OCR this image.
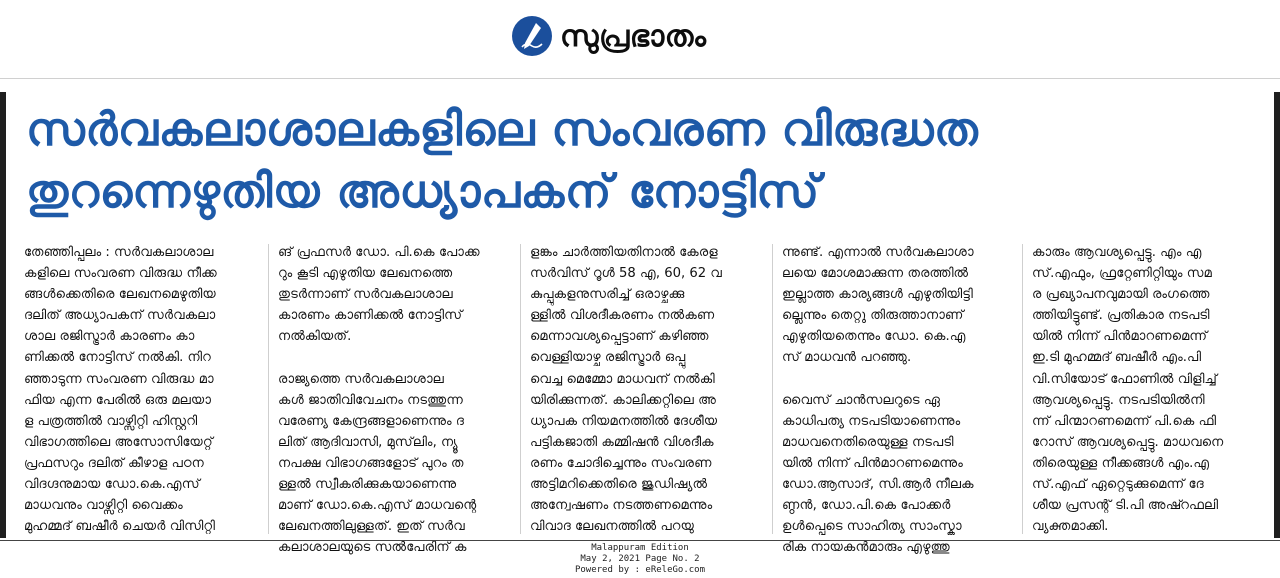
സുപ്രഭാതം
സർവകലാശാലകളിലെ സംവരണ വിരുദ്ധത
തുറന്നെഴുതിയ അധ്യാപകന് നോട്ടിസ്
തേഞ്ഞിപ്പലം : സർവകലാശാല
കളിലെ സംവരണ വിരുദ്ധ നീക്ക
ങ്ങൾക്കെതിരെ ലേഖനമെഴുതിയ
ദലിത് അധ്യാപകന് സർവകലാ
ശാല രജിസ്ട്രാർ കാരണം കാ
ണിക്കൽ നോട്ടിസ് നൽകി. നിറ
ഞ്ഞാടുന്ന സംവരണ വിരുദ്ധ മാ
ഫിയ എന്ന പേരിൽ ഒരു മലയാ
ള പത്രത്തിൽ വാഴ്സിറ്റി ഹിസ്റ്ററി
വിഭാഗത്തിലെ അസോസിയേറ്റ്
പ്രഫസറും ദലിത് കീഴാള പഠന
വിദഗ്ദനുമായ ഡോ.കെ.എസ്
മാധവനും വാഴ്സിറ്റി വൈക്കം
മുഹമ്മദ് ബഷീർ ചെയർ വിസിറ്റി
ങ് പ്രഫസർ ഡോ. പി.കെ പോക്ക
റും കൂടി എഴുതിയ ലേഖനത്തെ
തുടർന്നാണ് സർവകലാശാല
കാരണം കാണിക്കൽ നോട്ടിസ്
നൽകിയത്.

രാജ്യത്തെ സർവകലാശാല
കൾ ജാതിവിവേചനം നടത്തുന്ന
വരേണ്യ കേന്ദ്രങ്ങളാണെന്നും ദ
ലിത് ആദിവാസി, മുസ്‌ലിം, ന്യൂ
നപക്ഷ വിഭാഗങ്ങളോട് പുറം ത
ള്ളൽ സ്വീകരിക്കുകയാണെന്നു
മാണ് ഡോ.കെ.എസ് മാധവന്റെ
ലേഖനത്തിലുള്ളത്. ഇത് സർവ
കലാശാലയുടെ സൽപേരിന് ക
ളങ്കം ചാർത്തിയതിനാൽ കേരള
സർവിസ് റൂൾ 58 എ, 60, 62 വ
കുപ്പുകളനുസരിച്ച് ഒരാഴ്ചക്കു
ള്ളിൽ വിശദീകരണം നൽകണ
മെന്നാവശ്യപ്പെട്ടാണ് കഴിഞ്ഞ
വെള്ളിയാഴ്ച രജിസ്ട്രാർ ഒപ്പു
വെച്ച മെമ്മോ മാധവന് നൽകി
യിരിക്കുന്നത്. കാലിക്കറ്റിലെ അ
ധ്യാപക നിയമനത്തിൽ ദേശീയ
പട്ടികജാതി കമ്മിഷൻ വിശദീക
രണം ചോദിച്ചെന്നും സംവരണ
അട്ടിമറിക്കെതിരെ ജുഡിഷ്യൽ
അന്വേഷണം നടത്തണമെന്നും
വിവാദ ലേഖനത്തിൽ പറയു
ന്നുണ്ട്. എന്നാൽ സർവകലാശാ
ലയെ മോശമാക്കുന്ന തരത്തിൽ
ഇല്ലാത്ത കാര്യങ്ങൾ എഴുതിയിട്ടി
ല്ലെന്നും തെറ്റു തിരുത്താനാണ്
എഴുതിയതെന്നും ഡോ. കെ.എ
സ് മാധവൻ പറഞ്ഞു.

വൈസ് ചാൻസലറുടെ ഏ
കാധിപത്യ നടപടിയാണെന്നും
മാധവനെതിരെയുള്ള നടപടി
യിൽ നിന്ന് പിൻമാറണമെന്നും
ഡോ.ആസാദ്, സി.ആർ നീലക
ണ്ഠൻ, ഡോ.പി.കെ പോക്കർ
ഉൾപ്പെടെ സാഹിത്യ സാംസ്കാ
രിക നായകൻമാരും എഴുത്തു
കാരും ആവശ്യപ്പെട്ടു. എം എ
സ്.എഫും, ഫ്രറ്റേണിറ്റിയും സമ
ര പ്രഖ്യാപനവുമായി രംഗത്തെ
ത്തിയിട്ടുണ്ട്. പ്രതികാര നടപടി
യിൽ നിന്ന് പിൻമാറണമെന്ന്
ഇ.ടി മുഹമ്മദ് ബഷീർ എം.പി
വി.സിയോട് ഫോണിൽ വിളിച്ച്
ആവശ്യപ്പെട്ടു. നടപടിയിൽനി
ന്ന് പിന്മാറണമെന്ന് പി.കെ ഫി
റോസ് ആവശ്യപ്പെട്ടു. മാധവനെ
തിരെയുള്ള നീക്കങ്ങൾ എം.എ
സ്.എഫ് ഏറ്റെടുക്കുമെന്ന് ദേ
ശീയ പ്രസന്റ് ടി.പി അഷ്റഫലി
വ്യക്തമാക്കി.
Malappuram Edition
May 2, 2021 Page No. 2
Powered by : eReleGo.com
